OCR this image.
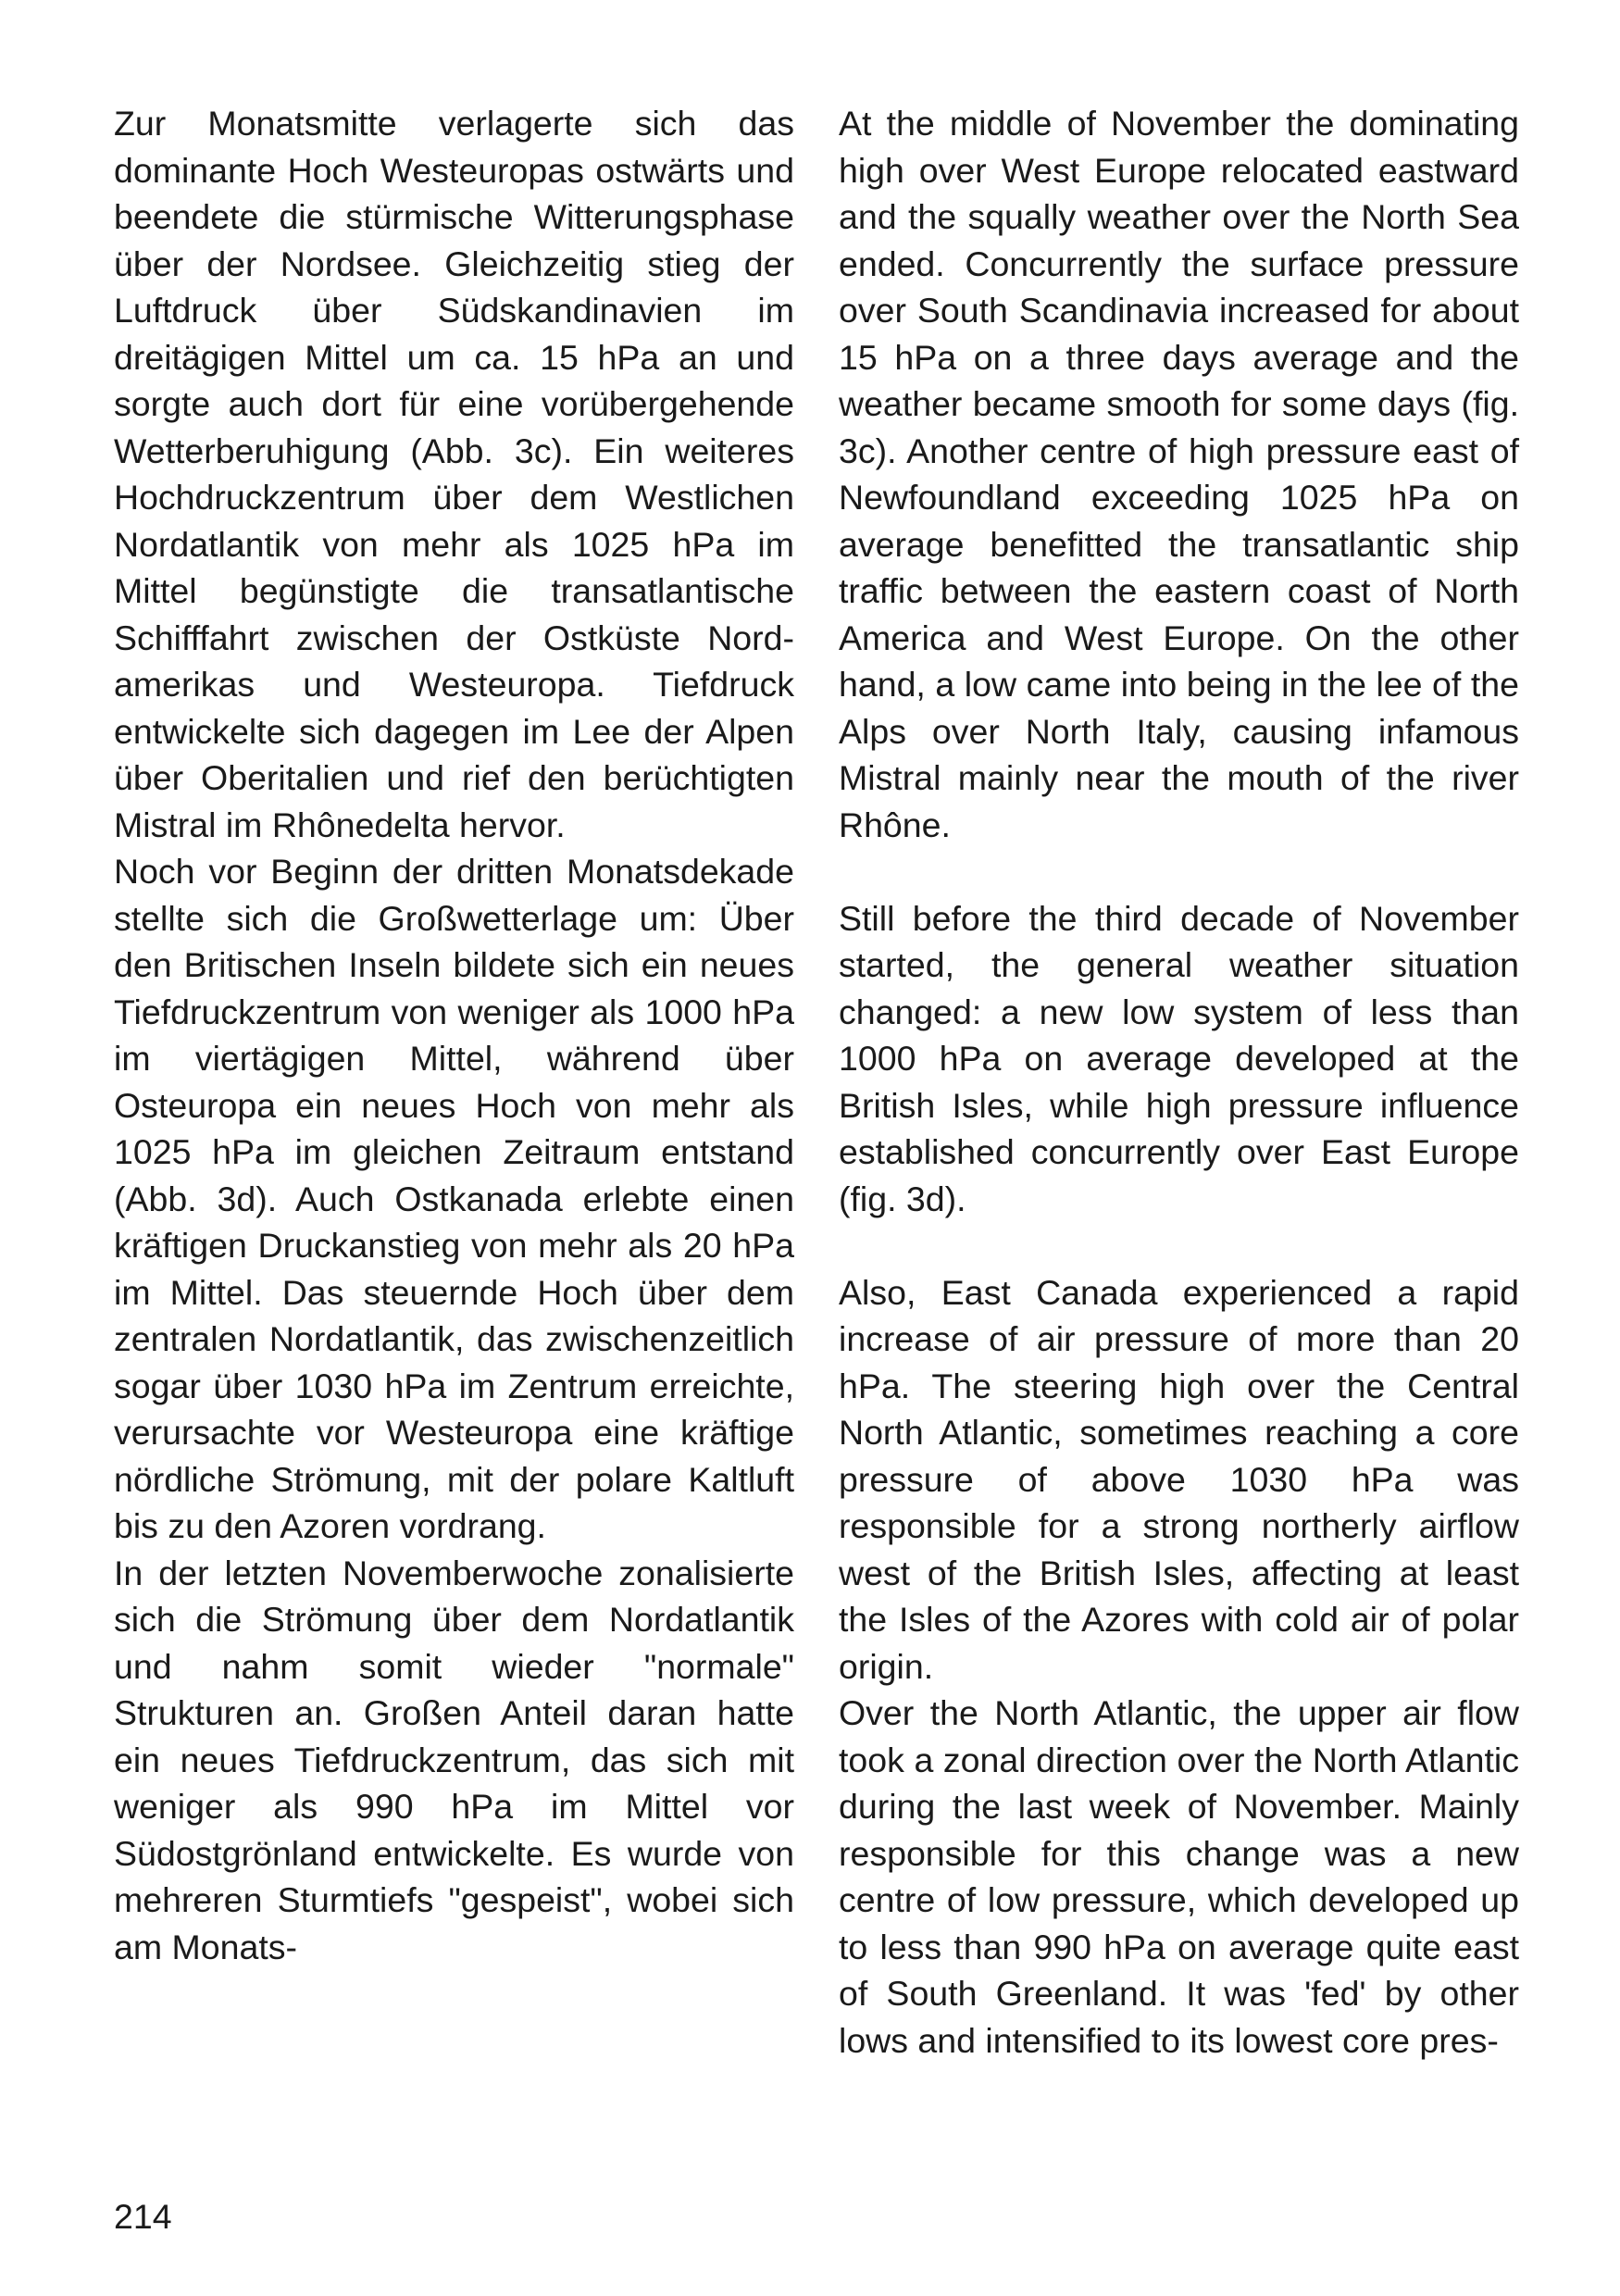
Zur Monatsmitte verlagerte sich das dominante Hoch Westeuropas ostwärts und beendete die stürmische Witterungsphase über der Nordsee. Gleichzeitig stieg der Luftdruck über Südskandinavien im dreitägigen Mittel um ca. 15 hPa an und sorgte auch dort für eine vorübergehende Wetterberuhigung (Abb. 3c). Ein weiteres Hochdruckzentrum über dem Westlichen Nordatlantik von mehr als 1025 hPa im Mittel begünstigte die transatlantische Schifffahrt zwischen der Ostküste Nordamerikas und Westeuropa. Tiefdruck entwickelte sich dagegen im Lee der Alpen über Oberitalien und rief den berüchtigten Mistral im Rhônedelta hervor.

Noch vor Beginn der dritten Monatsdekade stellte sich die Großwetterlage um: Über den Britischen Inseln bildete sich ein neues Tiefdruckzentrum von weniger als 1000 hPa im viertägigen Mittel, während über Osteuropa ein neues Hoch von mehr als 1025 hPa im gleichen Zeitraum entstand (Abb. 3d). Auch Ostkanada erlebte einen kräftigen Druckanstieg von mehr als 20 hPa im Mittel. Das steuernde Hoch über dem zentralen Nordatlantik, das zwischenzeitlich sogar über 1030 hPa im Zentrum erreichte, verursachte vor Westeuropa eine kräftige nördliche Strömung, mit der polare Kaltluft bis zu den Azoren vordrang.

In der letzten Novemberwoche zonalisierte sich die Strömung über dem Nordatlantik und nahm somit wieder "normale" Strukturen an. Großen Anteil daran hatte ein neues Tiefdruckzentrum, das sich mit weniger als 990 hPa im Mittel vor Südostgrönland entwickelte. Es wurde von mehreren Sturmtiefs "gespeist", wobei sich am Monats-

At the middle of November the dominating high over West Europe relocated eastward and the squally weather over the North Sea ended. Concurrently the surface pressure over South Scandinavia increased for about 15 hPa on a three days average and the weather became smooth for some days (fig. 3c). Another centre of high pressure east of Newfoundland exceeding 1025 hPa on average benefitted the transatlantic ship traffic between the eastern coast of North America and West Europe. On the other hand, a low came into being in the lee of the Alps over North Italy, causing infamous Mistral mainly near the mouth of the river Rhône.

Still before the third decade of November started, the general weather situation changed: a new low system of less than 1000 hPa on average developed at the British Isles, while high pressure influence established concurrently over East Europe (fig. 3d).

Also, East Canada experienced a rapid increase of air pressure of more than 20 hPa. The steering high over the Central North Atlantic, sometimes reaching a core pressure of above 1030 hPa was responsible for a strong northerly airflow west of the British Isles, affecting at least the Isles of the Azores with cold air of polar origin.

Over the North Atlantic, the upper air flow took a zonal direction over the North Atlantic during the last week of November. Mainly responsible for this change was a new centre of low pressure, which developed up to less than 990 hPa on average quite east of South Greenland. It was 'fed' by other lows and intensified to its lowest core pres-

214
